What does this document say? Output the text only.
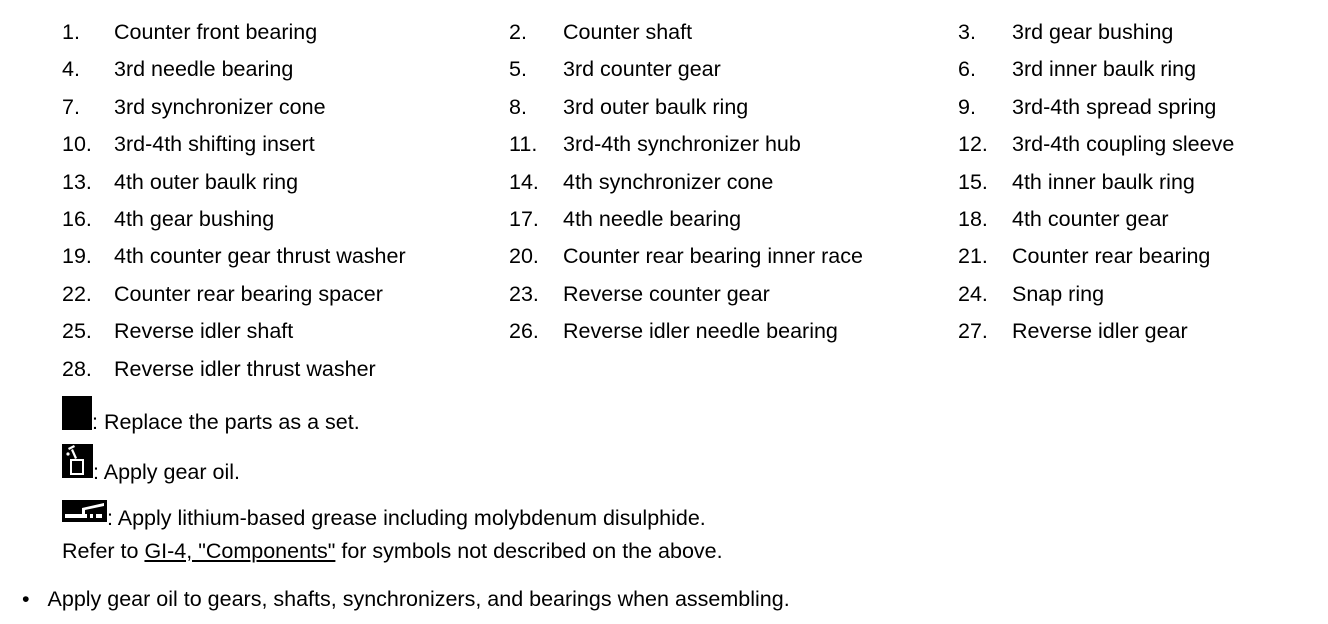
1. Counter front bearing	2. Counter shaft	3. 3rd gear bushing
4. 3rd needle bearing	5. 3rd counter gear	6. 3rd inner baulk ring
7. 3rd synchronizer cone	8. 3rd outer baulk ring	9. 3rd-4th spread spring
10. 3rd-4th shifting insert	11. 3rd-4th synchronizer hub	12. 3rd-4th coupling sleeve
13. 4th outer baulk ring	14. 4th synchronizer cone	15. 4th inner baulk ring
16. 4th gear bushing	17. 4th needle bearing	18. 4th counter gear
19. 4th counter gear thrust washer	20. Counter rear bearing inner race	21. Counter rear bearing
22. Counter rear bearing spacer	23. Reverse counter gear	24. Snap ring
25. Reverse idler shaft	26. Reverse idler needle bearing	27. Reverse idler gear
28. Reverse idler thrust washer
: Replace the parts as a set.
: Apply gear oil.
: Apply lithium-based grease including molybdenum disulphide.
Refer to GI-4, "Components" for symbols not described on the above.
• Apply gear oil to gears, shafts, synchronizers, and bearings when assembling.
